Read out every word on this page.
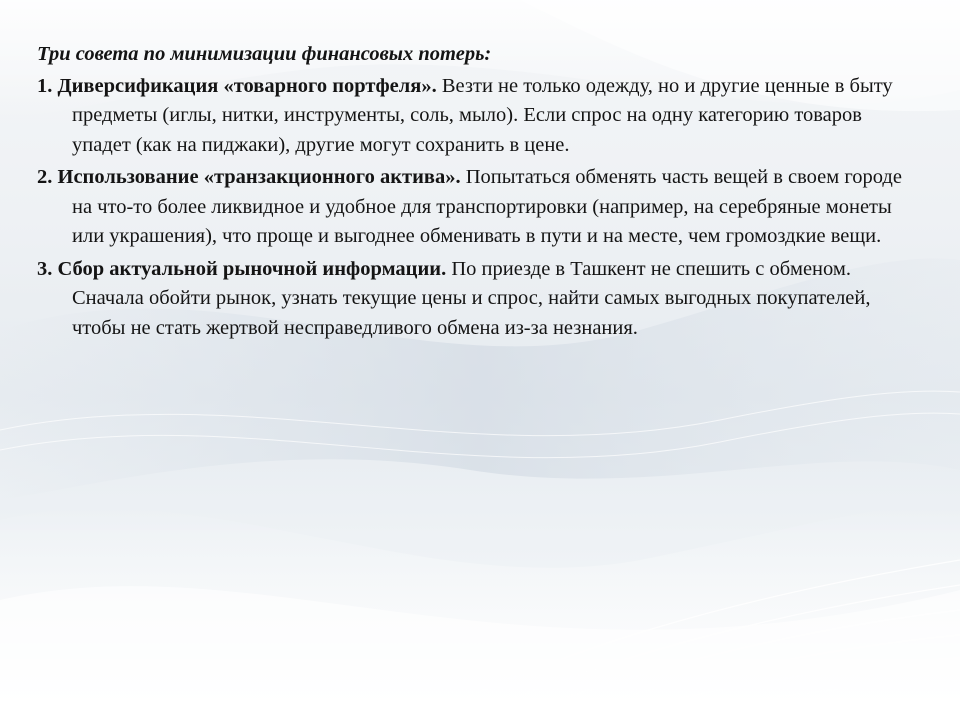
Три совета по минимизации финансовых потерь:

1. Диверсификация «товарного портфеля». Везти не только одежду, но и другие ценные в быту предметы (иглы, нитки, инструменты, соль, мыло). Если спрос на одну категорию товаров упадет (как на пиджаки), другие могут сохранить в цене.

2. Использование «транзакционного актива». Попытаться обменять часть вещей в своем городе на что-то более ликвидное и удобное для транспортировки (например, на серебряные монеты или украшения), что проще и выгоднее обменивать в пути и на месте, чем громоздкие вещи.

3. Сбор актуальной рыночной информации. По приезде в Ташкент не спешить с обменом. Сначала обойти рынок, узнать текущие цены и спрос, найти самых выгодных покупателей, чтобы не стать жертвой несправедливого обмена из-за незнания.
